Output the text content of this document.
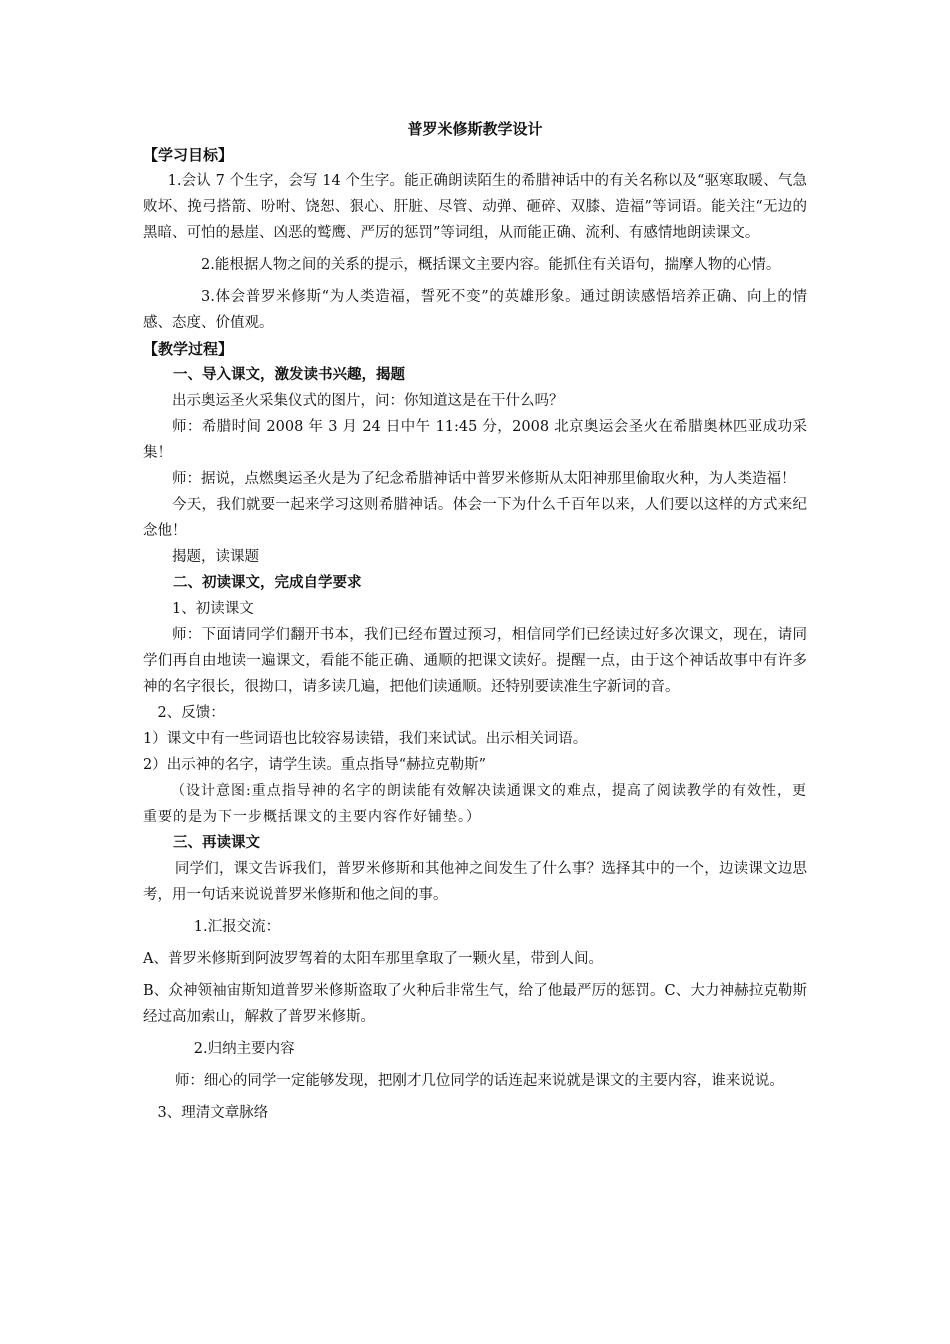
普罗米修斯教学设计
【学习目标】

1.会认 7 个生字，会写 14 个生字。能正确朗读陌生的希腊神话中的有关名称以及“驱寒取暖、气急败坏、挽弓搭箭、吩咐、饶恕、狠心、肝脏、尽管、动弹、砸碎、双膝、造福”等词语。能关注“无边的黑暗、可怕的悬崖、凶恶的鹫鹰、严厉的惩罚”等词组，从而能正确、流利、有感情地朗读课文。

2.能根据人物之间的关系的提示，概括课文主要内容。能抓住有关语句，揣摩人物的心情。

3.体会普罗米修斯“为人类造福，誓死不变”的英雄形象。通过朗读感悟培养正确、向上的情感、态度、价值观。

【教学过程】
一、导入课文，激发读书兴趣，揭题

出示奥运圣火采集仪式的图片，问：你知道这是在干什么吗？

师：希腊时间 2008 年 3 月 24 日中午 11:45 分，2008 北京奥运会圣火在希腊奥林匹亚成功采集！

师：据说，点燃奥运圣火是为了纪念希腊神话中普罗米修斯从太阳神那里偷取火种，为人类造福！

今天，我们就要一起来学习这则希腊神话。体会一下为什么千百年以来，人们要以这样的方式来纪念他！

揭题，读课题

二、初读课文，完成自学要求

1、初读课文

师：下面请同学们翻开书本，我们已经布置过预习，相信同学们已经读过好多次课文，现在，请同学们再自由地读一遍课文，看能不能正确、通顺的把课文读好。提醒一点，由于这个神话故事中有许多神的名字很长，很拗口，请多读几遍，把他们读通顺。还特别要读准生字新词的音。

2、反馈：

1）课文中有一些词语也比较容易读错，我们来试试。出示相关词语。

2）出示神的名字，请学生读。重点指导“赫拉克勒斯”

（设计意图:重点指导神的名字的朗读能有效解决读通课文的难点，提高了阅读教学的有效性，更重要的是为下一步概括课文的主要内容作好铺垫。）

三、再读课文

同学们，课文告诉我们，普罗米修斯和其他神之间发生了什么事？选择其中的一个，边读课文边思考，用一句话来说说普罗米修斯和他之间的事。

1.汇报交流：

A、普罗米修斯到阿波罗驾着的太阳车那里拿取了一颗火星，带到人间。

B、众神领袖宙斯知道普罗米修斯盗取了火种后非常生气，给了他最严厉的惩罚。C、大力神赫拉克勒斯经过高加索山，解救了普罗米修斯。

2.归纳主要内容

师：细心的同学一定能够发现，把刚才几位同学的话连起来说就是课文的主要内容，谁来说说。

3、理清文章脉络
